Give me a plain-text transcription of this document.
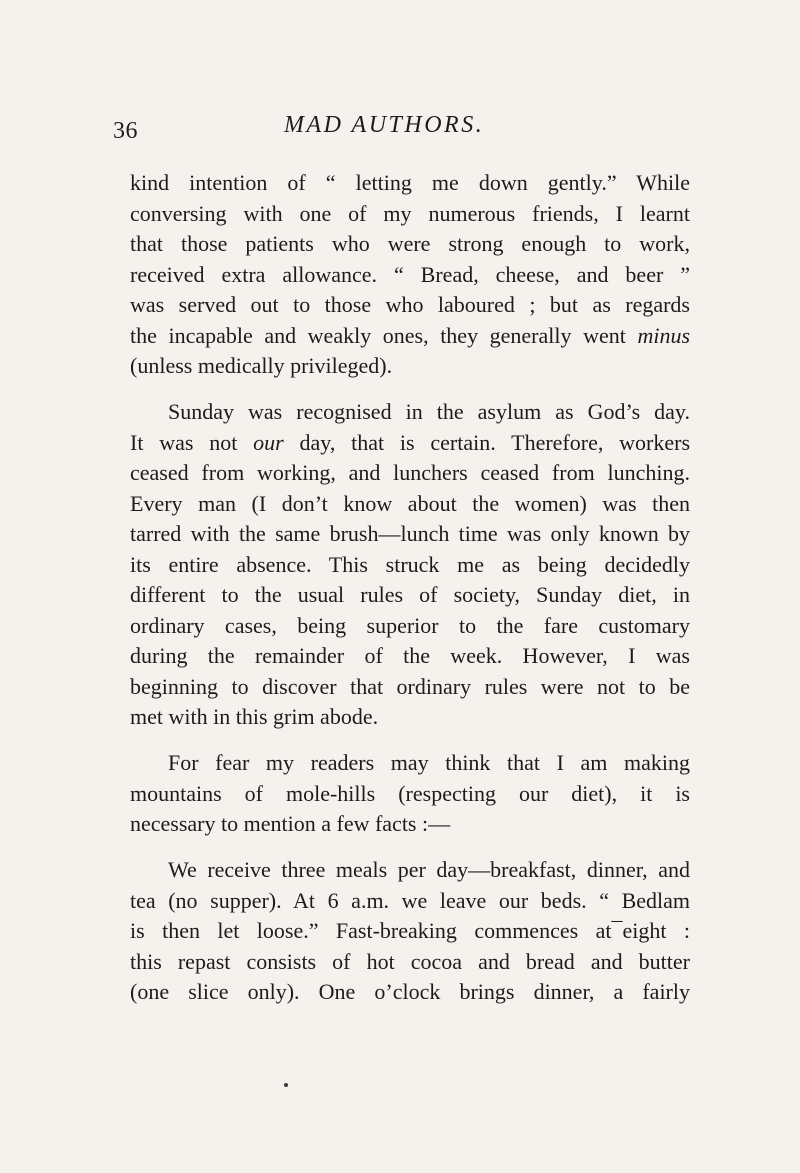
36	MAD AUTHORS.

kind intention of “ letting me down gently.” While
conversing with one of my numerous friends, I learnt
that those patients who were strong enough to work,
received extra allowance. “ Bread, cheese, and beer ”
was served out to those who laboured ; but as regards
the incapable and weakly ones, they generally went minus
(unless medically privileged).

Sunday was recognised in the asylum as God’s day.
It was not our day, that is certain. Therefore, workers
ceased from working, and lunchers ceased from lunching.
Every man (I don’t know about the women) was then
tarred with the same brush—lunch time was only known by
its entire absence. This struck me as being decidedly
different to the usual rules of society, Sunday diet, in
ordinary cases, being superior to the fare customary
during the remainder of the week. However, I was
beginning to discover that ordinary rules were not to be
met with in this grim abode.

For fear my readers may think that I am making
mountains of mole-hills (respecting our diet), it is
necessary to mention a few facts :—

We receive three meals per day—breakfast, dinner, and
tea (no supper). At 6 a.m. we leave our beds. “ Bedlam
is then let loose.” Fast-breaking commences at¯eight :
this repast consists of hot cocoa and bread and butter
(one slice only). One o’clock brings dinner, a fairly
